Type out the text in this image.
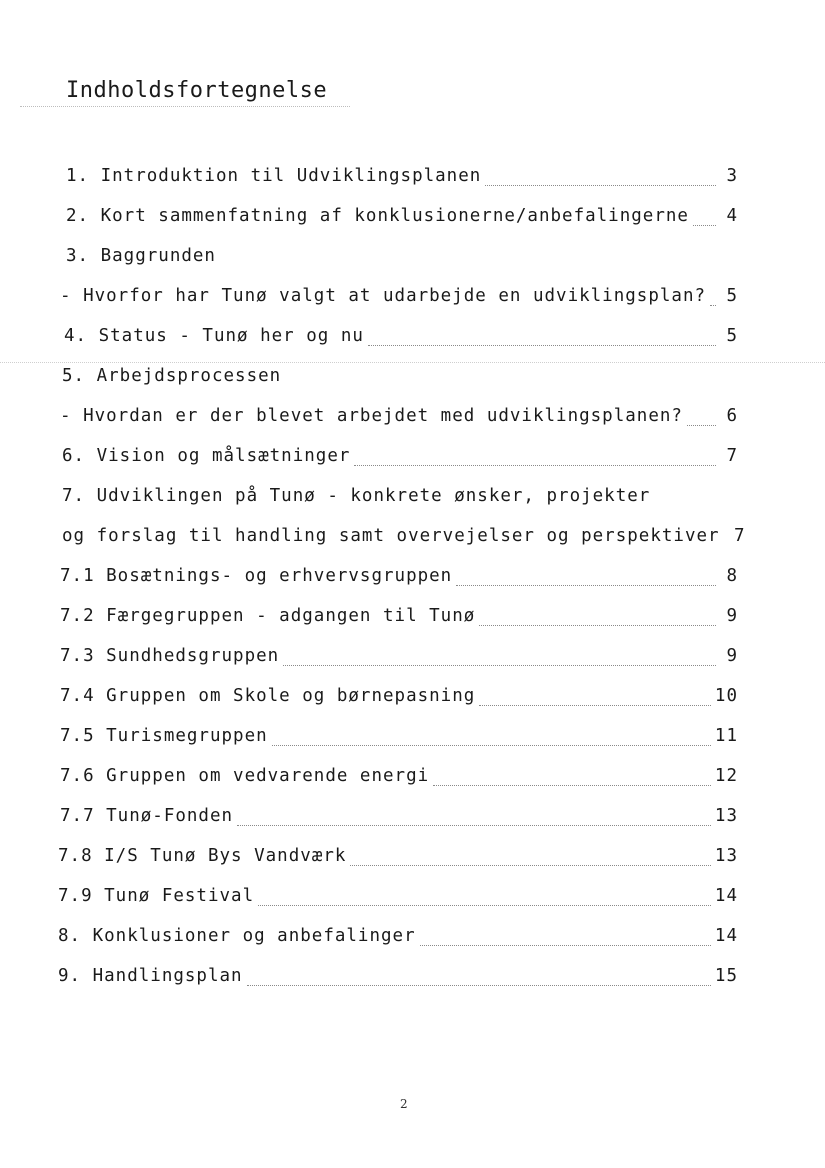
Indholdsfortegnelse
1. Introduktion til Udviklingsplanen	3
2. Kort sammenfatning af konklusionerne/anbefalingerne	4
3. Baggrunden
- Hvorfor har Tunø valgt at udarbejde en udviklingsplan?	5
4. Status - Tunø her og nu	5
5. Arbejdsprocessen
- Hvordan er der blevet arbejdet med udviklingsplanen?	6
6. Vision og målsætninger	7
7. Udviklingen på Tunø - konkrete ønsker, projekter
og forslag til handling samt overvejelser og perspektiver 7
7.1 Bosætnings- og erhvervsgruppen	8
7.2 Færgegruppen - adgangen til Tunø	9
7.3 Sundhedsgruppen	9
7.4 Gruppen om Skole og børnepasning	10
7.5 Turismegruppen	11
7.6 Gruppen om vedvarende energi	12
7.7 Tunø-Fonden	13
7.8 I/S Tunø Bys Vandværk	13
7.9 Tunø Festival	14
8. Konklusioner og anbefalinger	14
9. Handlingsplan	15
2
